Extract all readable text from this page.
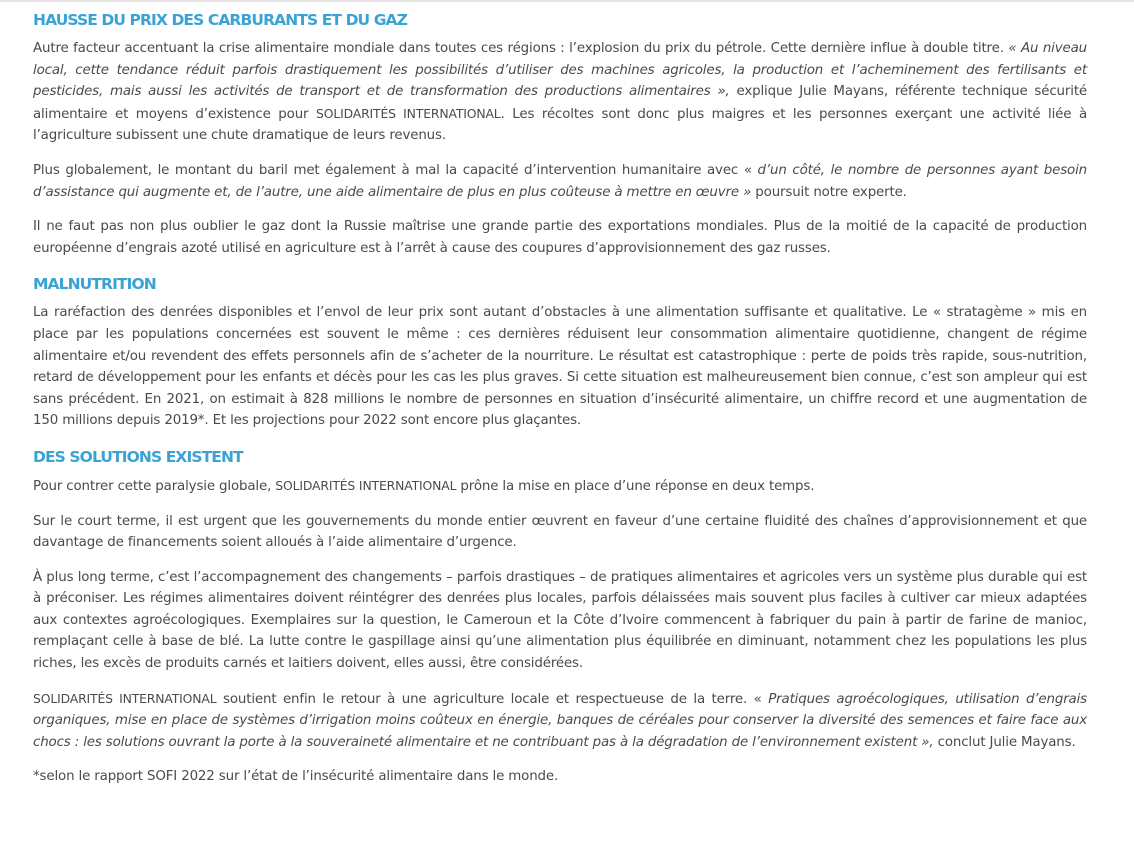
HAUSSE DU PRIX DES CARBURANTS ET DU GAZ

Autre facteur accentuant la crise alimentaire mondiale dans toutes ces régions : l’explosion du prix du pétrole. Cette dernière influe à double titre. « Au niveau local, cette tendance réduit parfois drastiquement les possibilités d’utiliser des machines agricoles, la production et l’acheminement des fertilisants et pesticides, mais aussi les activités de transport et de transformation des productions alimentaires », explique Julie Mayans, référente technique sécurité alimentaire et moyens d’existence pour SOLIDARITÉS INTERNATIONAL. Les récoltes sont donc plus maigres et les personnes exerçant une activité liée à l’agriculture subissent une chute dramatique de leurs revenus.

Plus globalement, le montant du baril met également à mal la capacité d’intervention humanitaire avec « d’un côté, le nombre de personnes ayant besoin d’assistance qui augmente et, de l’autre, une aide alimentaire de plus en plus coûteuse à mettre en œuvre » poursuit notre experte.

Il ne faut pas non plus oublier le gaz dont la Russie maîtrise une grande partie des exportations mondiales. Plus de la moitié de la capacité de production européenne d’engrais azoté utilisé en agriculture est à l’arrêt à cause des coupures d’approvisionnement des gaz russes.

MALNUTRITION

La raréfaction des denrées disponibles et l’envol de leur prix sont autant d’obstacles à une alimentation suffisante et qualitative. Le « stratagème » mis en place par les populations concernées est souvent le même : ces dernières réduisent leur consommation alimentaire quotidienne, changent de régime alimentaire et/ou revendent des effets personnels afin de s’acheter de la nourriture. Le résultat est catastrophique : perte de poids très rapide, sous-nutrition, retard de développement pour les enfants et décès pour les cas les plus graves. Si cette situation est malheureusement bien connue, c’est son ampleur qui est sans précédent. En 2021, on estimait à 828 millions le nombre de personnes en situation d’insécurité alimentaire, un chiffre record et une augmentation de 150 millions depuis 2019*. Et les projections pour 2022 sont encore plus glaçantes.

DES SOLUTIONS EXISTENT

Pour contrer cette paralysie globale, SOLIDARITÉS INTERNATIONAL prône la mise en place d’une réponse en deux temps.

Sur le court terme, il est urgent que les gouvernements du monde entier œuvrent en faveur d’une certaine fluidité des chaînes d’approvisionnement et que davantage de financements soient alloués à l’aide alimentaire d’urgence.

À plus long terme, c’est l’accompagnement des changements – parfois drastiques – de pratiques alimentaires et agricoles vers un système plus durable qui est à préconiser. Les régimes alimentaires doivent réintégrer des denrées plus locales, parfois délaissées mais souvent plus faciles à cultiver car mieux adaptées aux contextes agroécologiques. Exemplaires sur la question, le Cameroun et la Côte d’Ivoire commencent à fabriquer du pain à partir de farine de manioc, remplaçant celle à base de blé. La lutte contre le gaspillage ainsi qu’une alimentation plus équilibrée en diminuant, notamment chez les populations les plus riches, les excès de produits carnés et laitiers doivent, elles aussi, être considérées.

SOLIDARITÉS INTERNATIONAL soutient enfin le retour à une agriculture locale et respectueuse de la terre. « Pratiques agroécologiques, utilisation d’engrais organiques, mise en place de systèmes d’irrigation moins coûteux en énergie, banques de céréales pour conserver la diversité des semences et faire face aux chocs : les solutions ouvrant la porte à la souveraineté alimentaire et ne contribuant pas à la dégradation de l’environnement existent », conclut Julie Mayans.

*selon le rapport SOFI 2022 sur l’état de l’insécurité alimentaire dans le monde.
